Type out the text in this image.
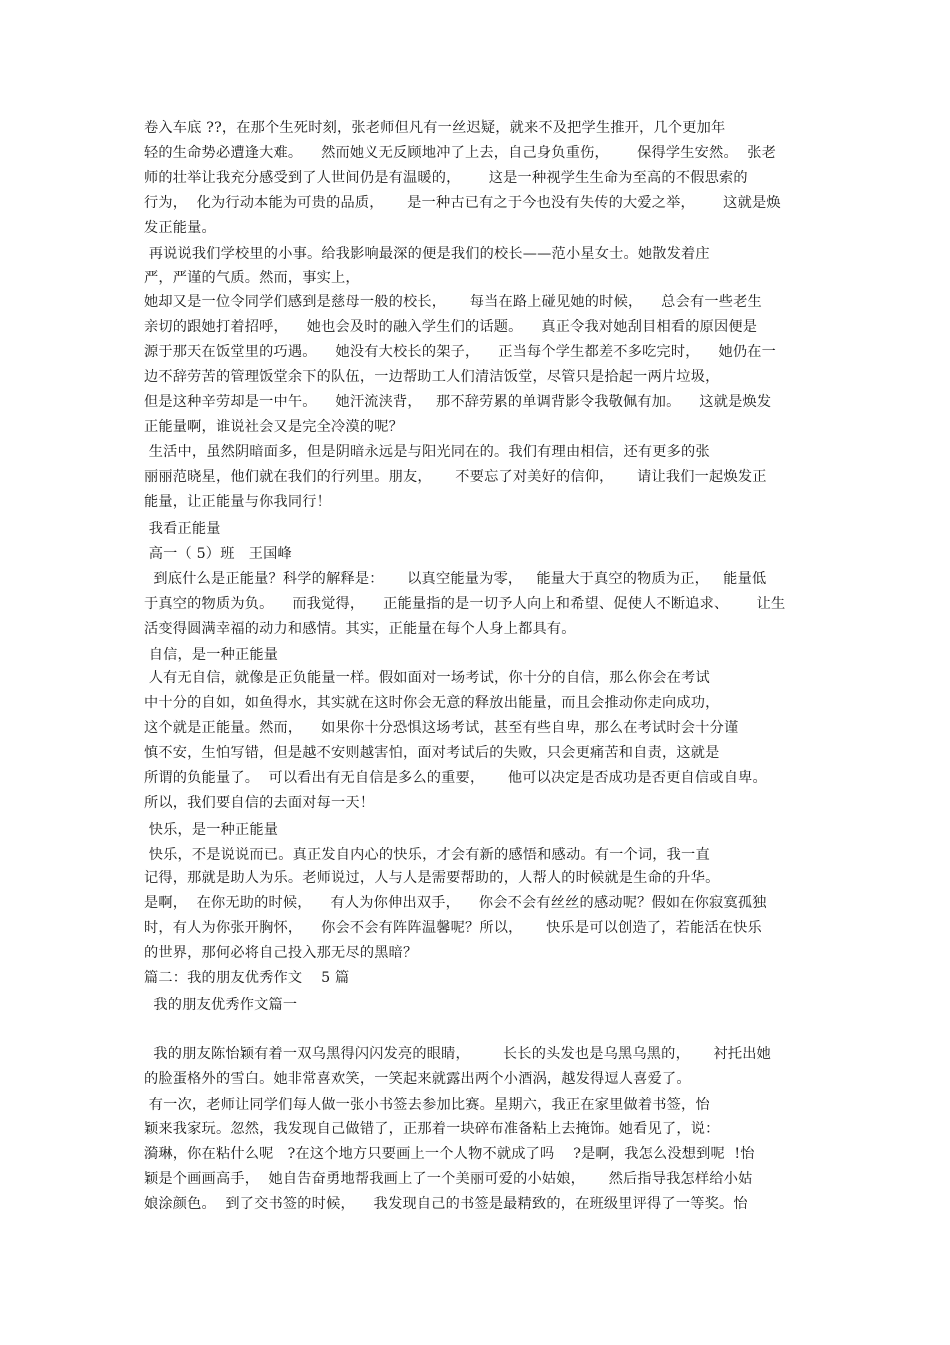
卷入车底 ??，在那个生死时刻，张老师但凡有一丝迟疑，就来不及把学生推开，几个更加年
轻的生命势必遭逢大难。    然而她义无反顾地冲了上去，自己身负重伤，      保得学生安然。  张老
师的壮举让我充分感受到了人世间仍是有温暖的，      这是一种视学生生命为至高的不假思索的
行为，  化为行动本能为可贵的品质，     是一种古已有之于今也没有失传的大爱之举，      这就是焕
发正能量。
再说说我们学校里的小事。给我影响最深的便是我们的校长——范小星女士。她散发着庄
严，严谨的气质。然而，事实上，
她却又是一位令同学们感到是慈母一般的校长，     每当在路上碰见她的时候，    总会有一些老生
亲切的跟她打着招呼，    她也会及时的融入学生们的话题。    真正令我对她刮目相看的原因便是
源于那天在饭堂里的巧遇。    她没有大校长的架子，    正当每个学生都差不多吃完时，    她仍在一
边不辞劳苦的管理饭堂余下的队伍，一边帮助工人们清洁饭堂，尽管只是拾起一两片垃圾，
但是这种辛劳却是一中午。    她汗流浃背，   那不辞劳累的单调背影令我敬佩有加。    这就是焕发
正能量啊，谁说社会又是完全冷漠的呢？
生活中，虽然阴暗面多，但是阴暗永远是与阳光同在的。我们有理由相信，还有更多的张
丽丽范晓星，他们就在我们的行列里。朋友，     不要忘了对美好的信仰，     请让我们一起焕发正
能量，让正能量与你我同行！
我看正能量
高一（ 5）班   王国峰
到底什么是正能量？科学的解释是：     以真空能量为零，   能量大于真空的物质为正，   能量低
于真空的物质为负。    而我觉得，    正能量指的是一切予人向上和希望、促使人不断追求、      让生
活变得圆满幸福的动力和感情。其实，正能量在每个人身上都具有。
自信，是一种正能量
人有无自信，就像是正负能量一样。假如面对一场考试，你十分的自信，那么你会在考试
中十分的自如，如鱼得水，其实就在这时你会无意的释放出能量，而且会推动你走向成功，
这个就是正能量。然而，    如果你十分恐惧这场考试，甚至有些自卑，那么在考试时会十分谨
慎不安，生怕写错，但是越不安则越害怕，面对考试后的失败，只会更痛苦和自责，这就是
所谓的负能量了。  可以看出有无自信是多么的重要，     他可以决定是否成功是否更自信或自卑。
所以，我们要自信的去面对每一天！
快乐，是一种正能量
快乐，不是说说而已。真正发自内心的快乐，才会有新的感悟和感动。有一个词，我一直
记得，那就是助人为乐。老师说过，人与人是需要帮助的，人帮人的时候就是生命的升华。
是啊，  在你无助的时候，    有人为你伸出双手，    你会不会有丝丝的感动呢？假如在你寂寞孤独
时，有人为你张开胸怀，    你会不会有阵阵温馨呢？所以，     快乐是可以创造了，若能活在快乐
的世界，那何必将自己投入那无尽的黑暗？
篇二：我的朋友优秀作文    5 篇
我的朋友优秀作文篇一
我的朋友陈怡颖有着一双乌黑得闪闪发亮的眼睛，       长长的头发也是乌黑乌黑的，     衬托出她
的脸蛋格外的雪白。她非常喜欢笑，一笑起来就露出两个小酒涡，越发得逗人喜爱了。
有一次，老师让同学们每人做一张小书签去参加比赛。星期六，我正在家里做着书签，怡
颖来我家玩。忽然，我发现自己做错了，正那着一块碎布准备粘上去掩饰。她看见了，说：
漪琳，你在粘什么呢   ?在这个地方只要画上一个人物不就成了吗    ?是啊，我怎么没想到呢  !怡
颖是个画画高手，  她自告奋勇地帮我画上了一个美丽可爱的小姑娘，     然后指导我怎样给小姑
娘涂颜色。  到了交书签的时候，    我发现自己的书签是最精致的，在班级里评得了一等奖。怡
